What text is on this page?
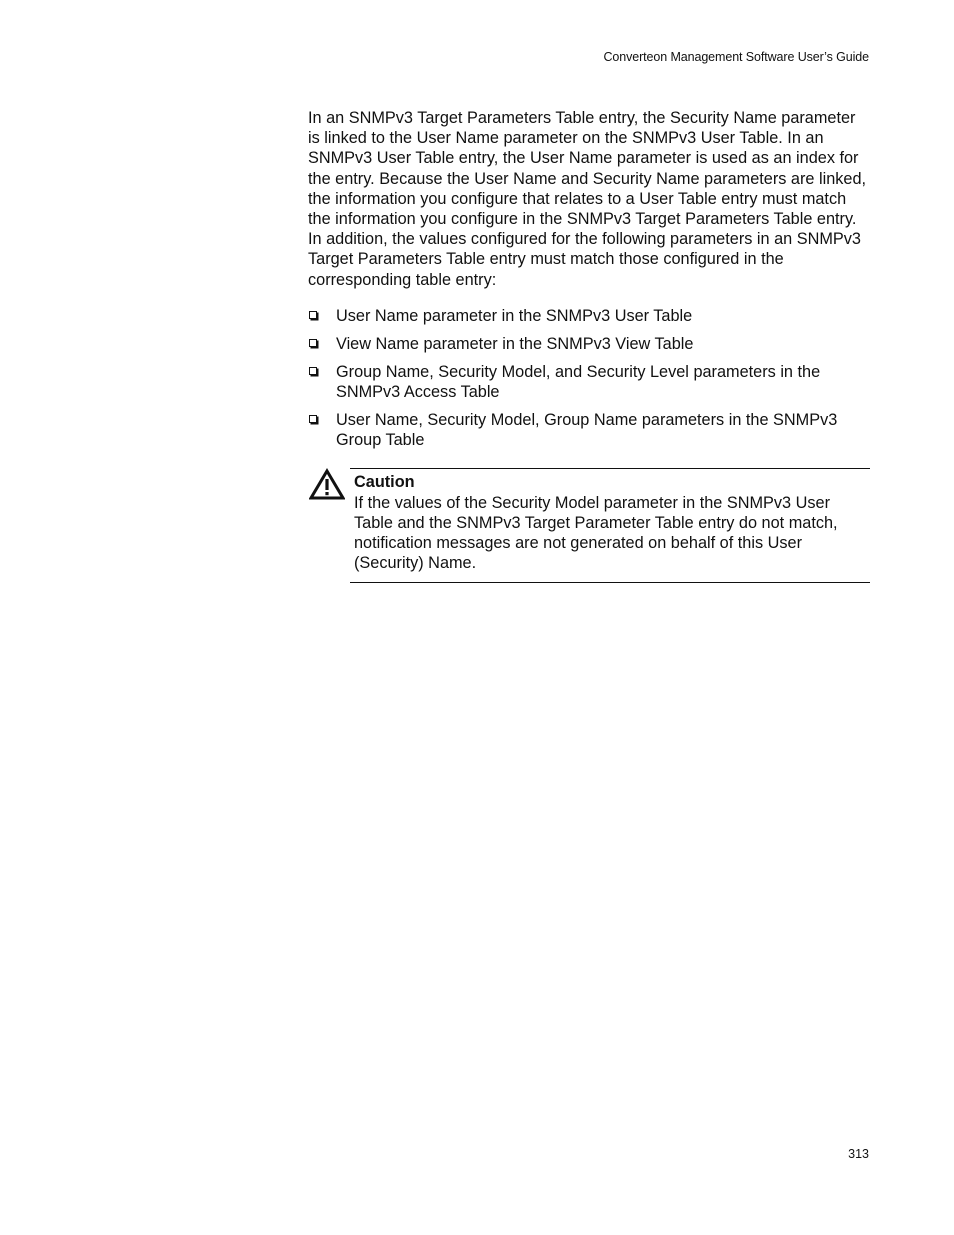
Converteon Management Software User’s Guide

In an SNMPv3 Target Parameters Table entry, the Security Name parameter is linked to the User Name parameter on the SNMPv3 User Table. In an SNMPv3 User Table entry, the User Name parameter is used as an index for the entry. Because the User Name and Security Name parameters are linked, the information you configure that relates to a User Table entry must match the information you configure in the SNMPv3 Target Parameters Table entry. In addition, the values configured for the following parameters in an SNMPv3 Target Parameters Table entry must match those configured in the corresponding table entry:

User Name parameter in the SNMPv3 User Table
View Name parameter in the SNMPv3 View Table
Group Name, Security Model, and Security Level parameters in the SNMPv3 Access Table
User Name, Security Model, Group Name parameters in the SNMPv3 Group Table

Caution

If the values of the Security Model parameter in the SNMPv3 User Table and the SNMPv3 Target Parameter Table entry do not match, notification messages are not generated on behalf of this User (Security) Name.

313
